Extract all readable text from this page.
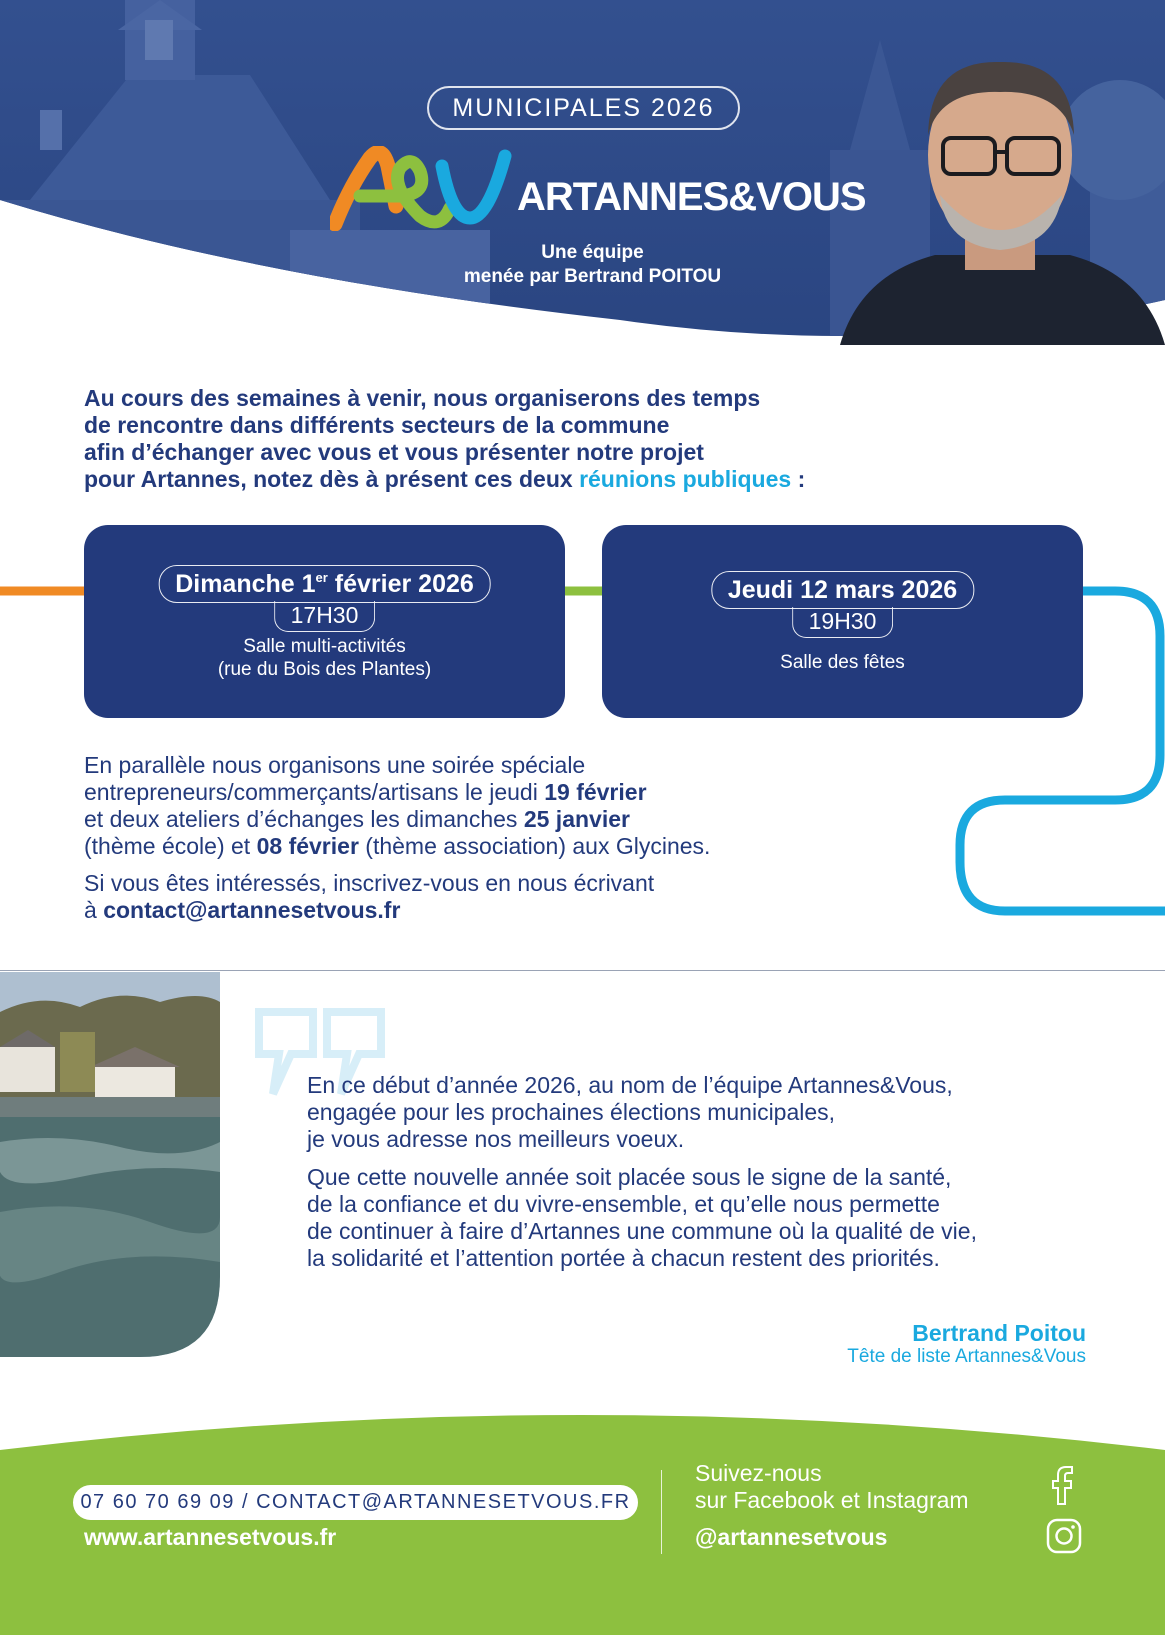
MUNICIPALES 2026
ARTANNES&VOUS
Une équipe
menée par Bertrand POITOU
Au cours des semaines à venir, nous organiserons des temps
de rencontre dans différents secteurs de la commune
afin d’échanger avec vous et vous présenter notre projet
pour Artannes, notez dès à présent ces deux réunions publiques :
Dimanche 1er février 2026
17H30
Salle multi-activités
(rue du Bois des Plantes)
Jeudi 12 mars 2026
19H30
Salle des fêtes
En parallèle nous organisons une soirée spéciale
entrepreneurs/commerçants/artisans le jeudi 19 février
et deux ateliers d’échanges les dimanches 25 janvier
(thème école) et 08 février (thème association) aux Glycines.
Si vous êtes intéressés, inscrivez-vous en nous écrivant
à contact@artannesetvous.fr
En ce début d’année 2026, au nom de l’équipe Artannes&Vous,
engagée pour les prochaines élections municipales,
je vous adresse nos meilleurs voeux.
Que cette nouvelle année soit placée sous le signe de la santé,
de la confiance et du vivre-ensemble, et qu’elle nous permette
de continuer à faire d’Artannes une commune où la qualité de vie,
la solidarité et l’attention portée à chacun restent des priorités.
Bertrand Poitou
Tête de liste Artannes&Vous
07 60 70 69 09 / CONTACT@ARTANNESETVOUS.FR
www.artannesetvous.fr
Suivez-nous
sur Facebook et Instagram
@artannesetvous
